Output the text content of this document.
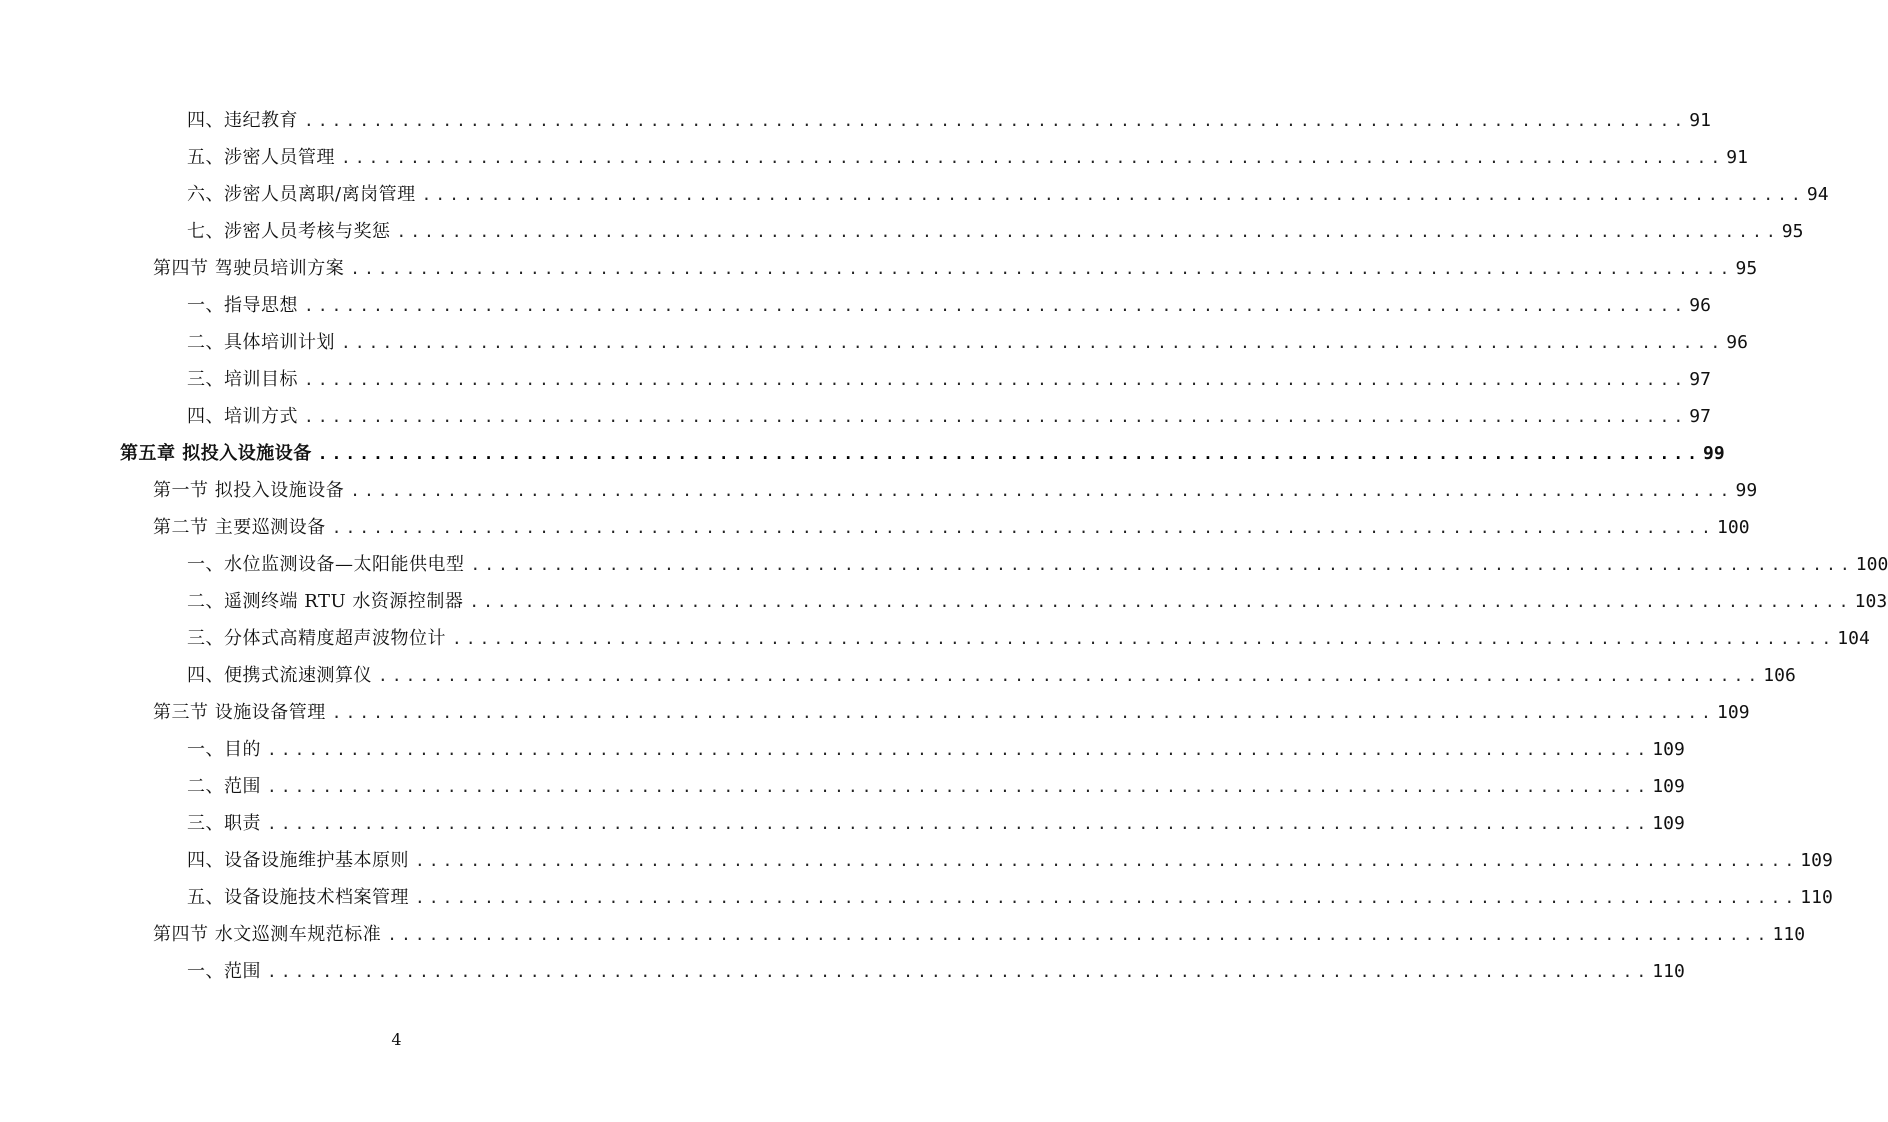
四、违纪教育 .................................................................................................... 91
五、涉密人员管理 .................................................................................................... 91
六、涉密人员离职/离岗管理 .................................................................................................... 94
七、涉密人员考核与奖惩 .................................................................................................... 95
第四节 驾驶员培训方案 .................................................................................................... 95
一、指导思想 .................................................................................................... 96
二、具体培训计划 .................................................................................................... 96
三、培训目标 .................................................................................................... 97
四、培训方式 .................................................................................................... 97
第五章 拟投入设施设备 .................................................................................................... 99
第一节 拟投入设施设备 .................................................................................................... 99
第二节 主要巡测设备 .................................................................................................... 100
一、水位监测设备—太阳能供电型 .................................................................................................... 100
二、遥测终端 RTU 水资源控制器 .................................................................................................... 103
三、分体式高精度超声波物位计 .................................................................................................... 104
四、便携式流速测算仪 .................................................................................................... 106
第三节 设施设备管理 .................................................................................................... 109
一、目的 .................................................................................................... 109
二、范围 .................................................................................................... 109
三、职责 .................................................................................................... 109
四、设备设施维护基本原则 .................................................................................................... 109
五、设备设施技术档案管理 .................................................................................................... 110
第四节 水文巡测车规范标准 .................................................................................................... 110
一、范围 .................................................................................................... 110
4
